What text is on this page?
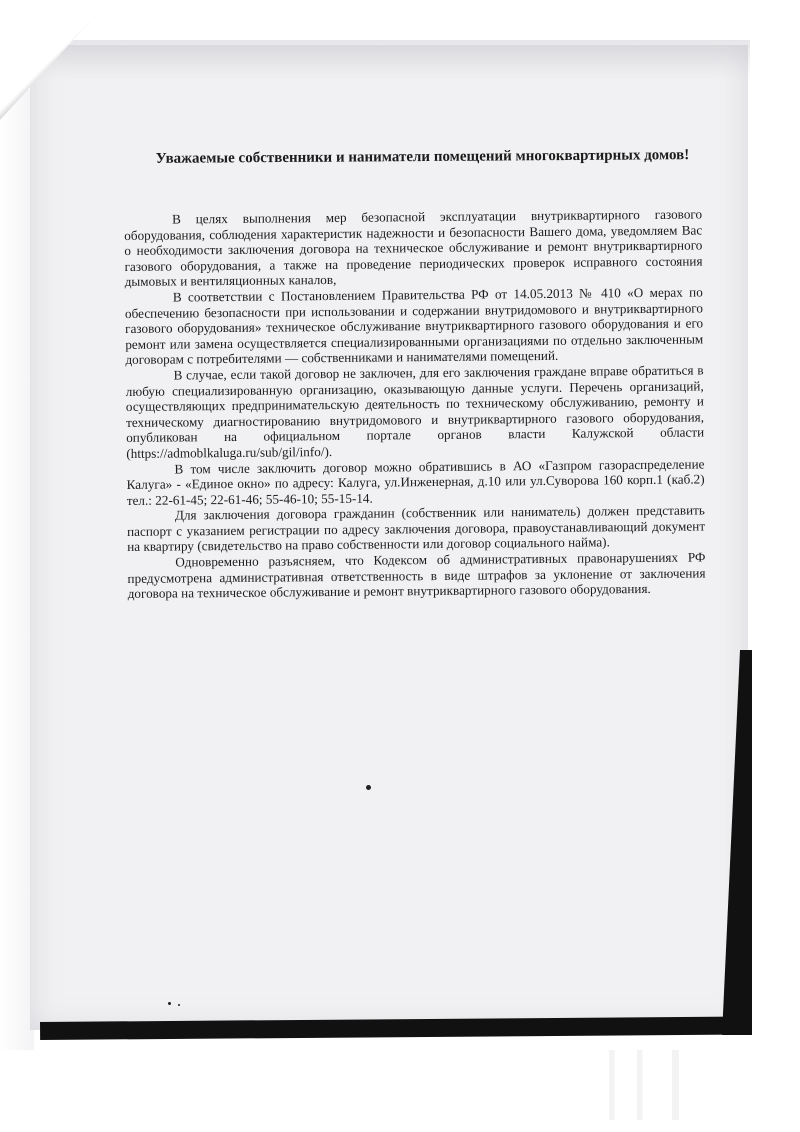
Уважаемые собственники и наниматели помещений многоквартирных домов!

В целях выполнения мер безопасной эксплуатации внутриквартирного газового оборудования, соблюдения характеристик надежности и безопасности Вашего дома, уведомляем Вас о необходимости заключения договора на техническое обслуживание и ремонт внутриквартирного газового оборудования, а также на проведение периодических проверок исправного состояния дымовых и вентиляционных каналов,

В соответствии с Постановлением Правительства РФ от 14.05.2013 № 410 «О мерах по обеспечению безопасности при использовании и содержании внутридомового и внутриквартирного газового оборудования» техническое обслуживание внутриквартирного газового оборудования и его ремонт или замена осуществляется специализированными организациями по отдельно заключенным договорам с потребителями — собственниками и нанимателями помещений.

В случае, если такой договор не заключен, для его заключения граждане вправе обратиться в любую специализированную организацию, оказывающую данные услуги. Перечень организаций, осуществляющих предпринимательскую деятельность по техническому обслуживанию, ремонту и техническому диагностированию внутридомового и внутриквартирного газового оборудования, опубликован на официальном портале органов власти Калужской области (https://admoblkaluga.ru/sub/gil/info/).

В том числе заключить договор можно обратившись в АО «Газпром газораспределение Калуга» - «Единое окно» по адресу: Калуга, ул.Инженерная, д.10 или ул.Суворова 160 корп.1 (каб.2) тел.: 22-61-45; 22-61-46; 55-46-10; 55-15-14.

Для заключения договора гражданин (собственник или наниматель) должен представить паспорт с указанием регистрации по адресу заключения договора, правоустанавливающий документ на квартиру (свидетельство на право собственности или договор социального найма).

Одновременно разъясняем, что Кодексом об административных правонарушениях РФ предусмотрена административная ответственность в виде штрафов за уклонение от заключения договора на техническое обслуживание и ремонт внутриквартирного газового оборудования.
